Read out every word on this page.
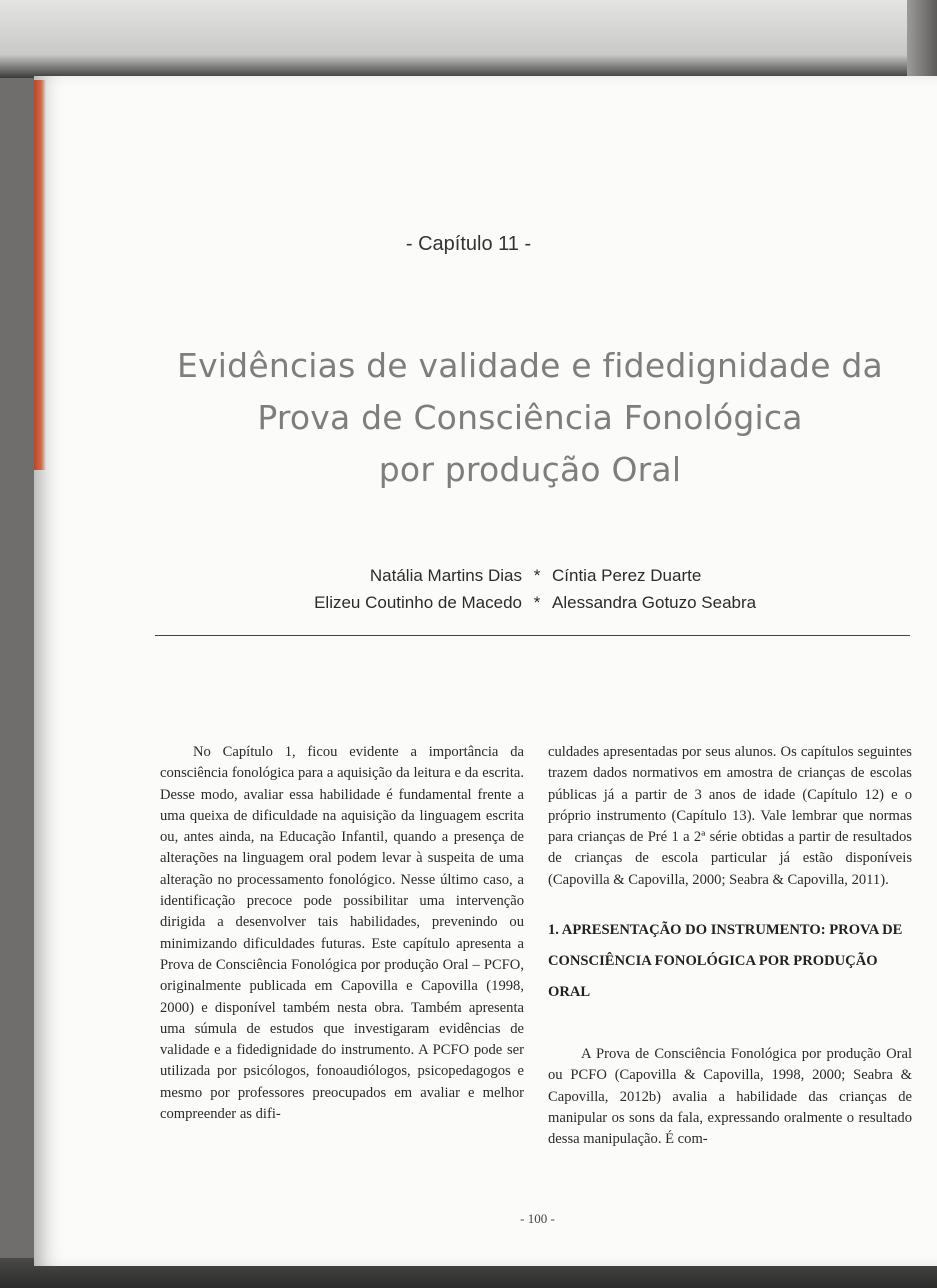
- Capítulo 11 -
Evidências de validade e fidedignidade da
Prova de Consciência Fonológica
por produção Oral
Natália Martins Dias * Cíntia Perez Duarte
Elizeu Coutinho de Macedo * Alessandra Gotuzo Seabra

No Capítulo 1, ficou evidente a importância da consciência fonológica para a aquisição da leitura e da escrita. Desse modo, avaliar essa habilidade é fundamental frente a uma queixa de dificuldade na aquisição da linguagem escrita ou, antes ainda, na Educação Infantil, quando a presença de alterações na linguagem oral podem levar à suspeita de uma alteração no processamento fonológico. Nesse último caso, a identificação precoce pode possibilitar uma intervenção dirigida a desenvolver tais habilidades, prevenindo ou minimizando dificuldades futuras. Este capítulo apresenta a Prova de Consciência Fonológica por produção Oral – PCFO, originalmente publicada em Capovilla e Capovilla (1998, 2000) e disponível também nesta obra. Também apresenta uma súmula de estudos que investigaram evidências de validade e a fidedignidade do instrumento. A PCFO pode ser utilizada por psicólogos, fonoaudiólogos, psicopedagogos e mesmo por professores preocupados em avaliar e melhor compreender as difi-

culdades apresentadas por seus alunos. Os capítulos seguintes trazem dados normativos em amostra de crianças de escolas públicas já a partir de 3 anos de idade (Capítulo 12) e o próprio instrumento (Capítulo 13). Vale lembrar que normas para crianças de Pré 1 a 2ª série obtidas a partir de resultados de crianças de escola particular já estão disponíveis (Capovilla & Capovilla, 2000; Seabra & Capovilla, 2011).

1. APRESENTAÇÃO DO INSTRUMENTO: PROVA DE CONSCIÊNCIA FONOLÓGICA POR PRODUÇÃO ORAL

A Prova de Consciência Fonológica por produção Oral ou PCFO (Capovilla & Capovilla, 1998, 2000; Seabra & Capovilla, 2012b) avalia a habilidade das crianças de manipular os sons da fala, expressando oralmente o resultado dessa manipulação. É com-

- 100 -
